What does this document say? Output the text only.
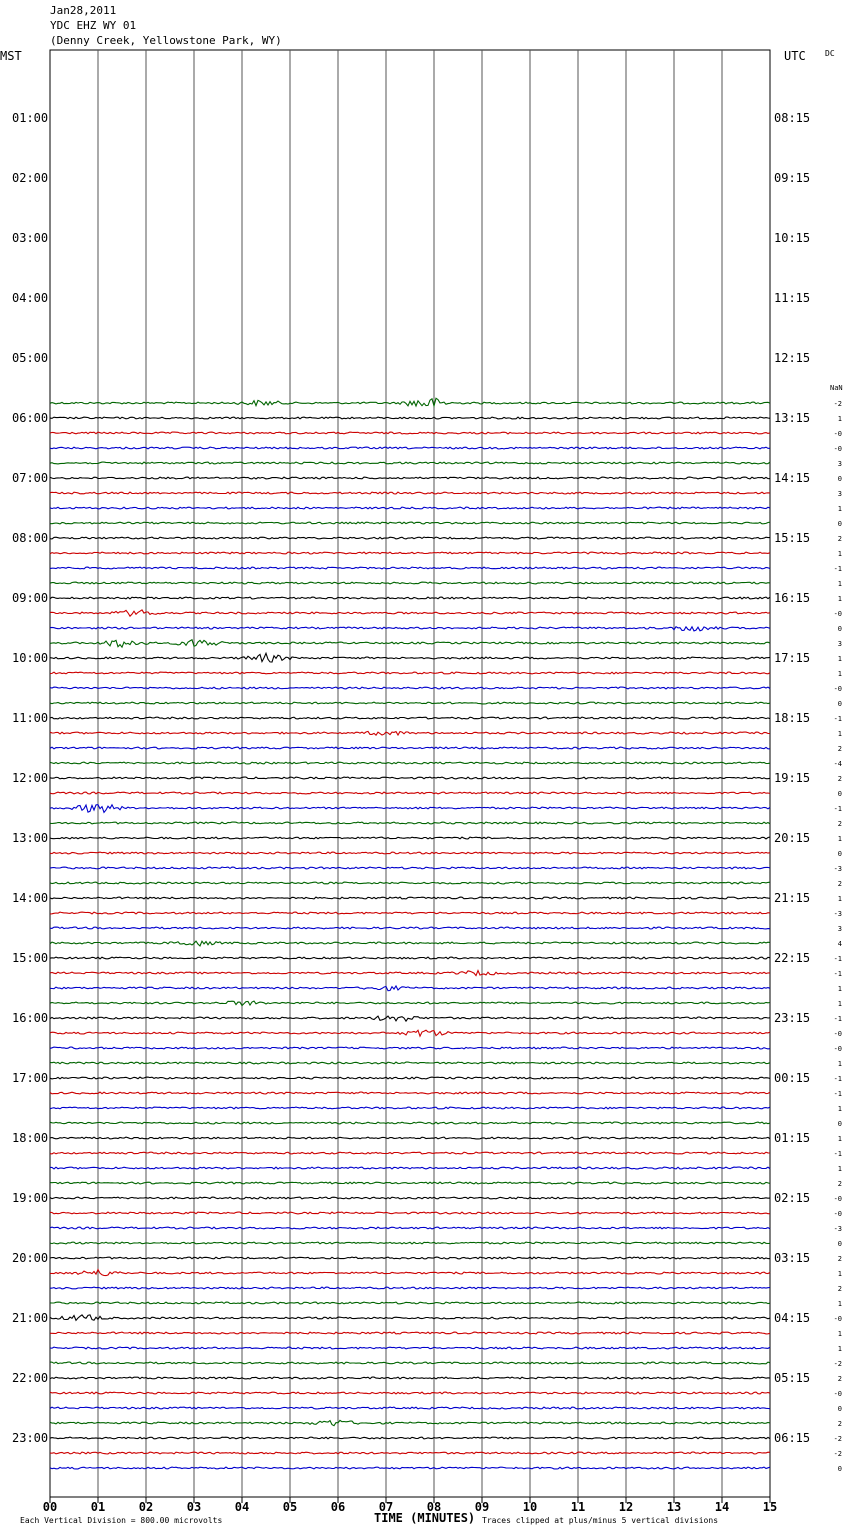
Jan28,2011
YDC EHZ WY 01
(Denny Creek, Yellowstone Park, WY)
00	01	02	03	04	05	06	07	08	09	10	11	12	13	14	15
MST	UTC DC
NaN
01:00
02:00
03:00
04:00
05:00
06:00
07:00
08:00
09:00
10:00
11:00
12:00
13:00
14:00
15:00
16:00
17:00
18:00
19:00
20:00
21:00
22:00
23:00
08:15
09:15
10:15
11:15
12:15
13:15
14:15
15:15
16:15
17:15
18:15
19:15
20:15
21:15
22:15
23:15
00:15
01:15
02:15
03:15
04:15
05:15
06:15
Each Vertical Division = 800.00 microvolts	TIME (MINUTES) Traces clipped at plus/minus 5 vertical divisions
-2
1
-0
-0
3
0
3
1
0
2
1
-1
1
1
-0
0
3
1
1
-0
0
-1
1
2
-4
2
0
-1
2
1
0
-3
2
1
-3
3
4
-1
-1
1
1
-1
-0
-0
1
-1
-1
1
0
1
-1
1
2
-0
-0
-3
0
2
1
2
1
-0
1
1
-2
2
-0
0
2
-2
-2
0
